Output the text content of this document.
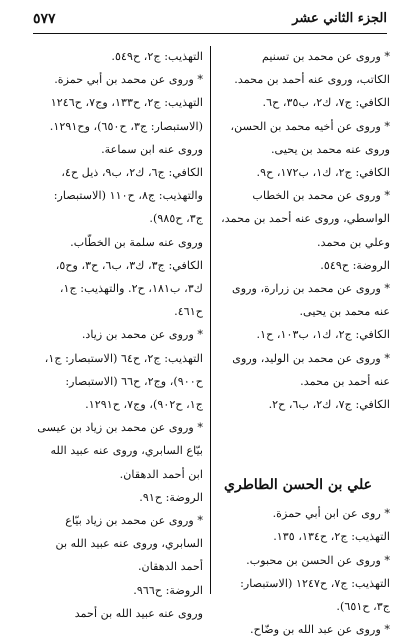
٥٧٧	الجزء الثاني عشر
* وروى عن محمد بن تسنيم
الكاتب، وروى عنه أحمد بن محمد.
الكافي: ج٧، ك٢، ب٣٥، ح٦.
* وروى عن أخيه محمد بن الحسن،
وروى عنه محمد بن يحيى.
الكافي: ج٢، ك١، ب١٧٢، ح٩.
* وروى عن محمد بن الخطاب
الواسطي، وروى عنه أحمد بن محمد،
وعلي بن محمد.
الروضة: ح٥٤٩.
* وروى عن محمد بن زرارة، وروى
عنه محمد بن يحيى.
الكافي: ج٢، ك١، ب١٠٣، ح١.
* وروى عن محمد بن الوليد، وروى
عنه أحمد بن محمد.
الكافي: ج٧، ك٢، ب٦، ح٢.
علي بن الحسن الطاطري
* روى عن ابن أبي حمزة.
التهذيب: ج٢، ح١٣٤، ١٣٥.
* وروى عن الحسن بن محبوب.
التهذيب: ج٧، ح١٢٤٧ (الاستبصار:
ج٣، ح٦٥١).
* وروى عن عبد الله بن وضّاح.
التهذيب: ج٢، ح٥٤٩.
* وروى عن محمد بن أبي حمزة.
التهذيب: ج٢، ح١٣٣، وج٧، ح١٢٤٦
(الاستبصار: ج٣، ح٦٥٠)، وح١٢٩١.
وروى عنه ابن سماعة.
الكافي: ج٦، ك٢، ب٩، ذيل ح٤،
والتهذيب: ج٨، ح١١٠ (الاستبصار:
ج٣، ح٩٨٥).
وروى عنه سلمة بن الخطّاب.
الكافي: ج٣، ك٣، ب٦، ح٣، وح٥،
ك٣، ب١٨١، ح٢. والتهذيب: ج١،
ح٤٦١.
* وروى عن محمد بن زياد.
التهذيب: ج٢، ح٦٤ (الاستبصار: ج١،
ح٩٠٠)، وج٢، ح٦٦ (الاستبصار:
ج١، ح٩٠٢)، وج٧، ح١٢٩١.
* وروى عن محمد بن زياد بن عيسى
بيّاع السابري، وروى عنه عبيد الله
ابن أحمد الدهقان.
الروضة: ح٩١.
* وروى عن محمد بن زياد بيّاع
السابري، وروى عنه عبيد الله بن
أحمد الدهقان.
الروضة: ح٩٦٦.
وروى عنه عبيد الله بن أحمد
